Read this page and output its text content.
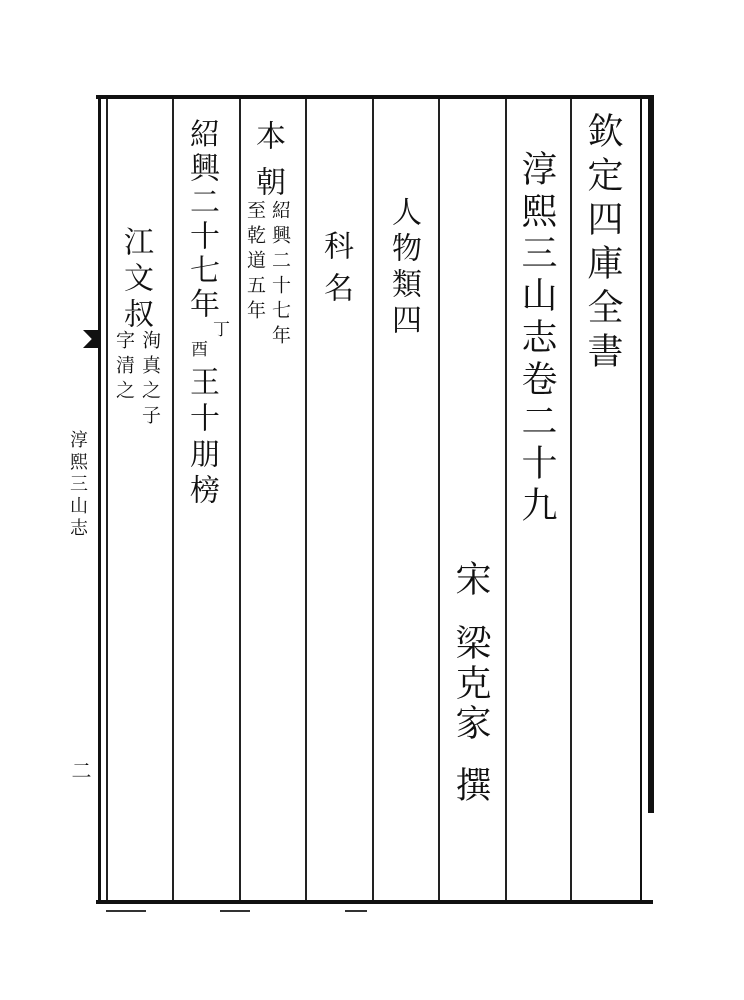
欽定四庫全書
淳熙三山志卷二十九
宋
梁克家
撰
人物類四
科名
本朝
紹興二十七年
至乾道五年
紹興二十七年
丁
酉
王十朋榜
江文叔
洵真之子
字清之
淳熙三山志
二
